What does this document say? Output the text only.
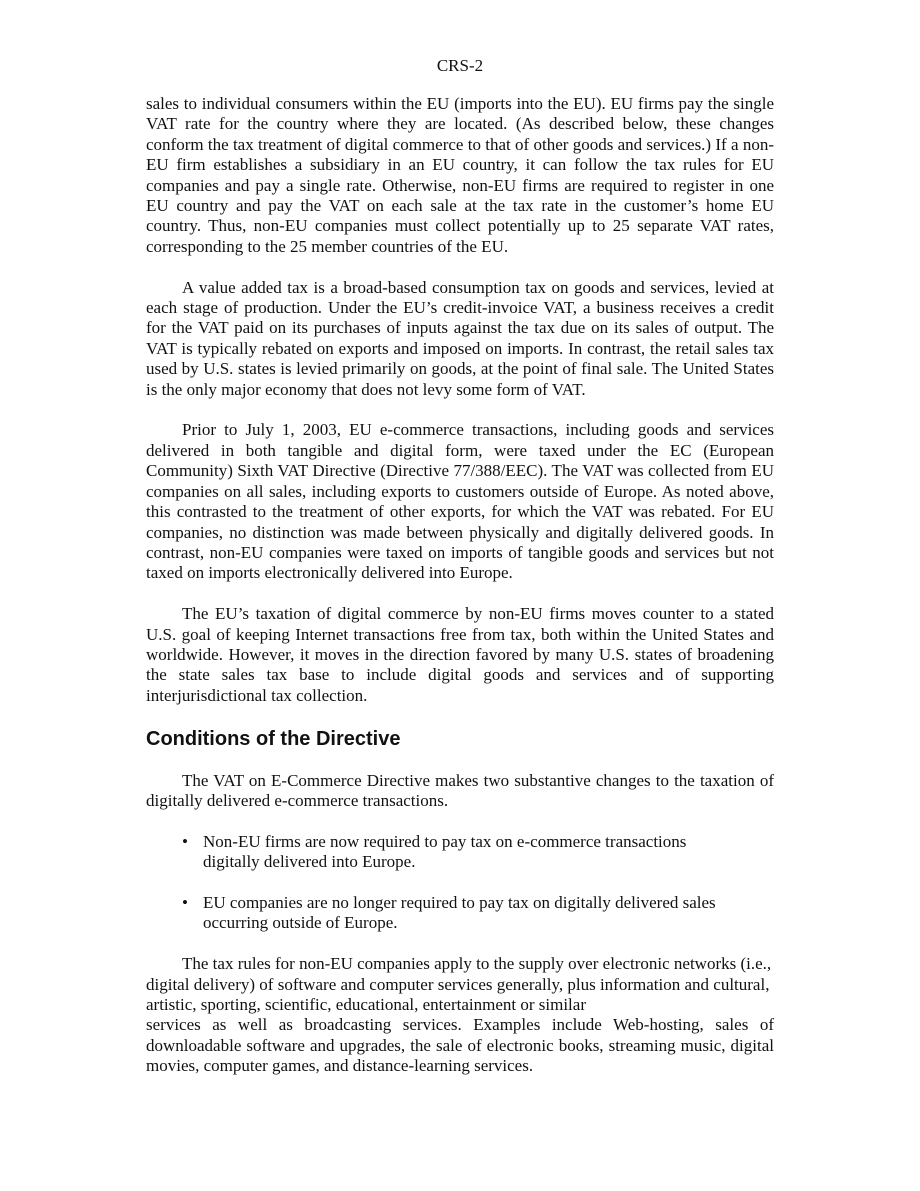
CRS-2

sales to individual consumers within the EU (imports into the EU). EU firms pay the single VAT rate for the country where they are located. (As described below, these changes conform the tax treatment of digital commerce to that of other goods and services.) If a non-EU firm establishes a subsidiary in an EU country, it can follow the tax rules for EU companies and pay a single rate. Otherwise, non-EU firms are required to register in one EU country and pay the VAT on each sale at the tax rate in the customer’s home EU country. Thus, non-EU companies must collect potentially up to 25 separate VAT rates, corresponding to the 25 member countries of the EU.

A value added tax is a broad-based consumption tax on goods and services, levied at each stage of production. Under the EU’s credit-invoice VAT, a business receives a credit for the VAT paid on its purchases of inputs against the tax due on its sales of output. The VAT is typically rebated on exports and imposed on imports. In contrast, the retail sales tax used by U.S. states is levied primarily on goods, at the point of final sale. The United States is the only major economy that does not levy some form of VAT.

Prior to July 1, 2003, EU e-commerce transactions, including goods and services delivered in both tangible and digital form, were taxed under the EC (European Community) Sixth VAT Directive (Directive 77/388/EEC). The VAT was collected from EU companies on all sales, including exports to customers outside of Europe. As noted above, this contrasted to the treatment of other exports, for which the VAT was rebated. For EU companies, no distinction was made between physically and digitally delivered goods. In contrast, non-EU companies were taxed on imports of tangible goods and services but not taxed on imports electronically delivered into Europe.

The EU’s taxation of digital commerce by non-EU firms moves counter to a stated U.S. goal of keeping Internet transactions free from tax, both within the United States and worldwide. However, it moves in the direction favored by many U.S. states of broadening the state sales tax base to include digital goods and services and of supporting interjurisdictional tax collection.

Conditions of the Directive

The VAT on E-Commerce Directive makes two substantive changes to the taxation of digitally delivered e-commerce transactions.

• Non-EU firms are now required to pay tax on e-commerce transactions digitally delivered into Europe.
• EU companies are no longer required to pay tax on digitally delivered sales occurring outside of Europe.

The tax rules for non-EU companies apply to the supply over electronic networks (i.e., digital delivery) of software and computer services generally, plus information and cultural, artistic, sporting, scientific, educational, entertainment or similar

services as well as broadcasting services. Examples include Web-hosting, sales of downloadable software and upgrades, the sale of electronic books, streaming music, digital movies, computer games, and distance-learning services.
